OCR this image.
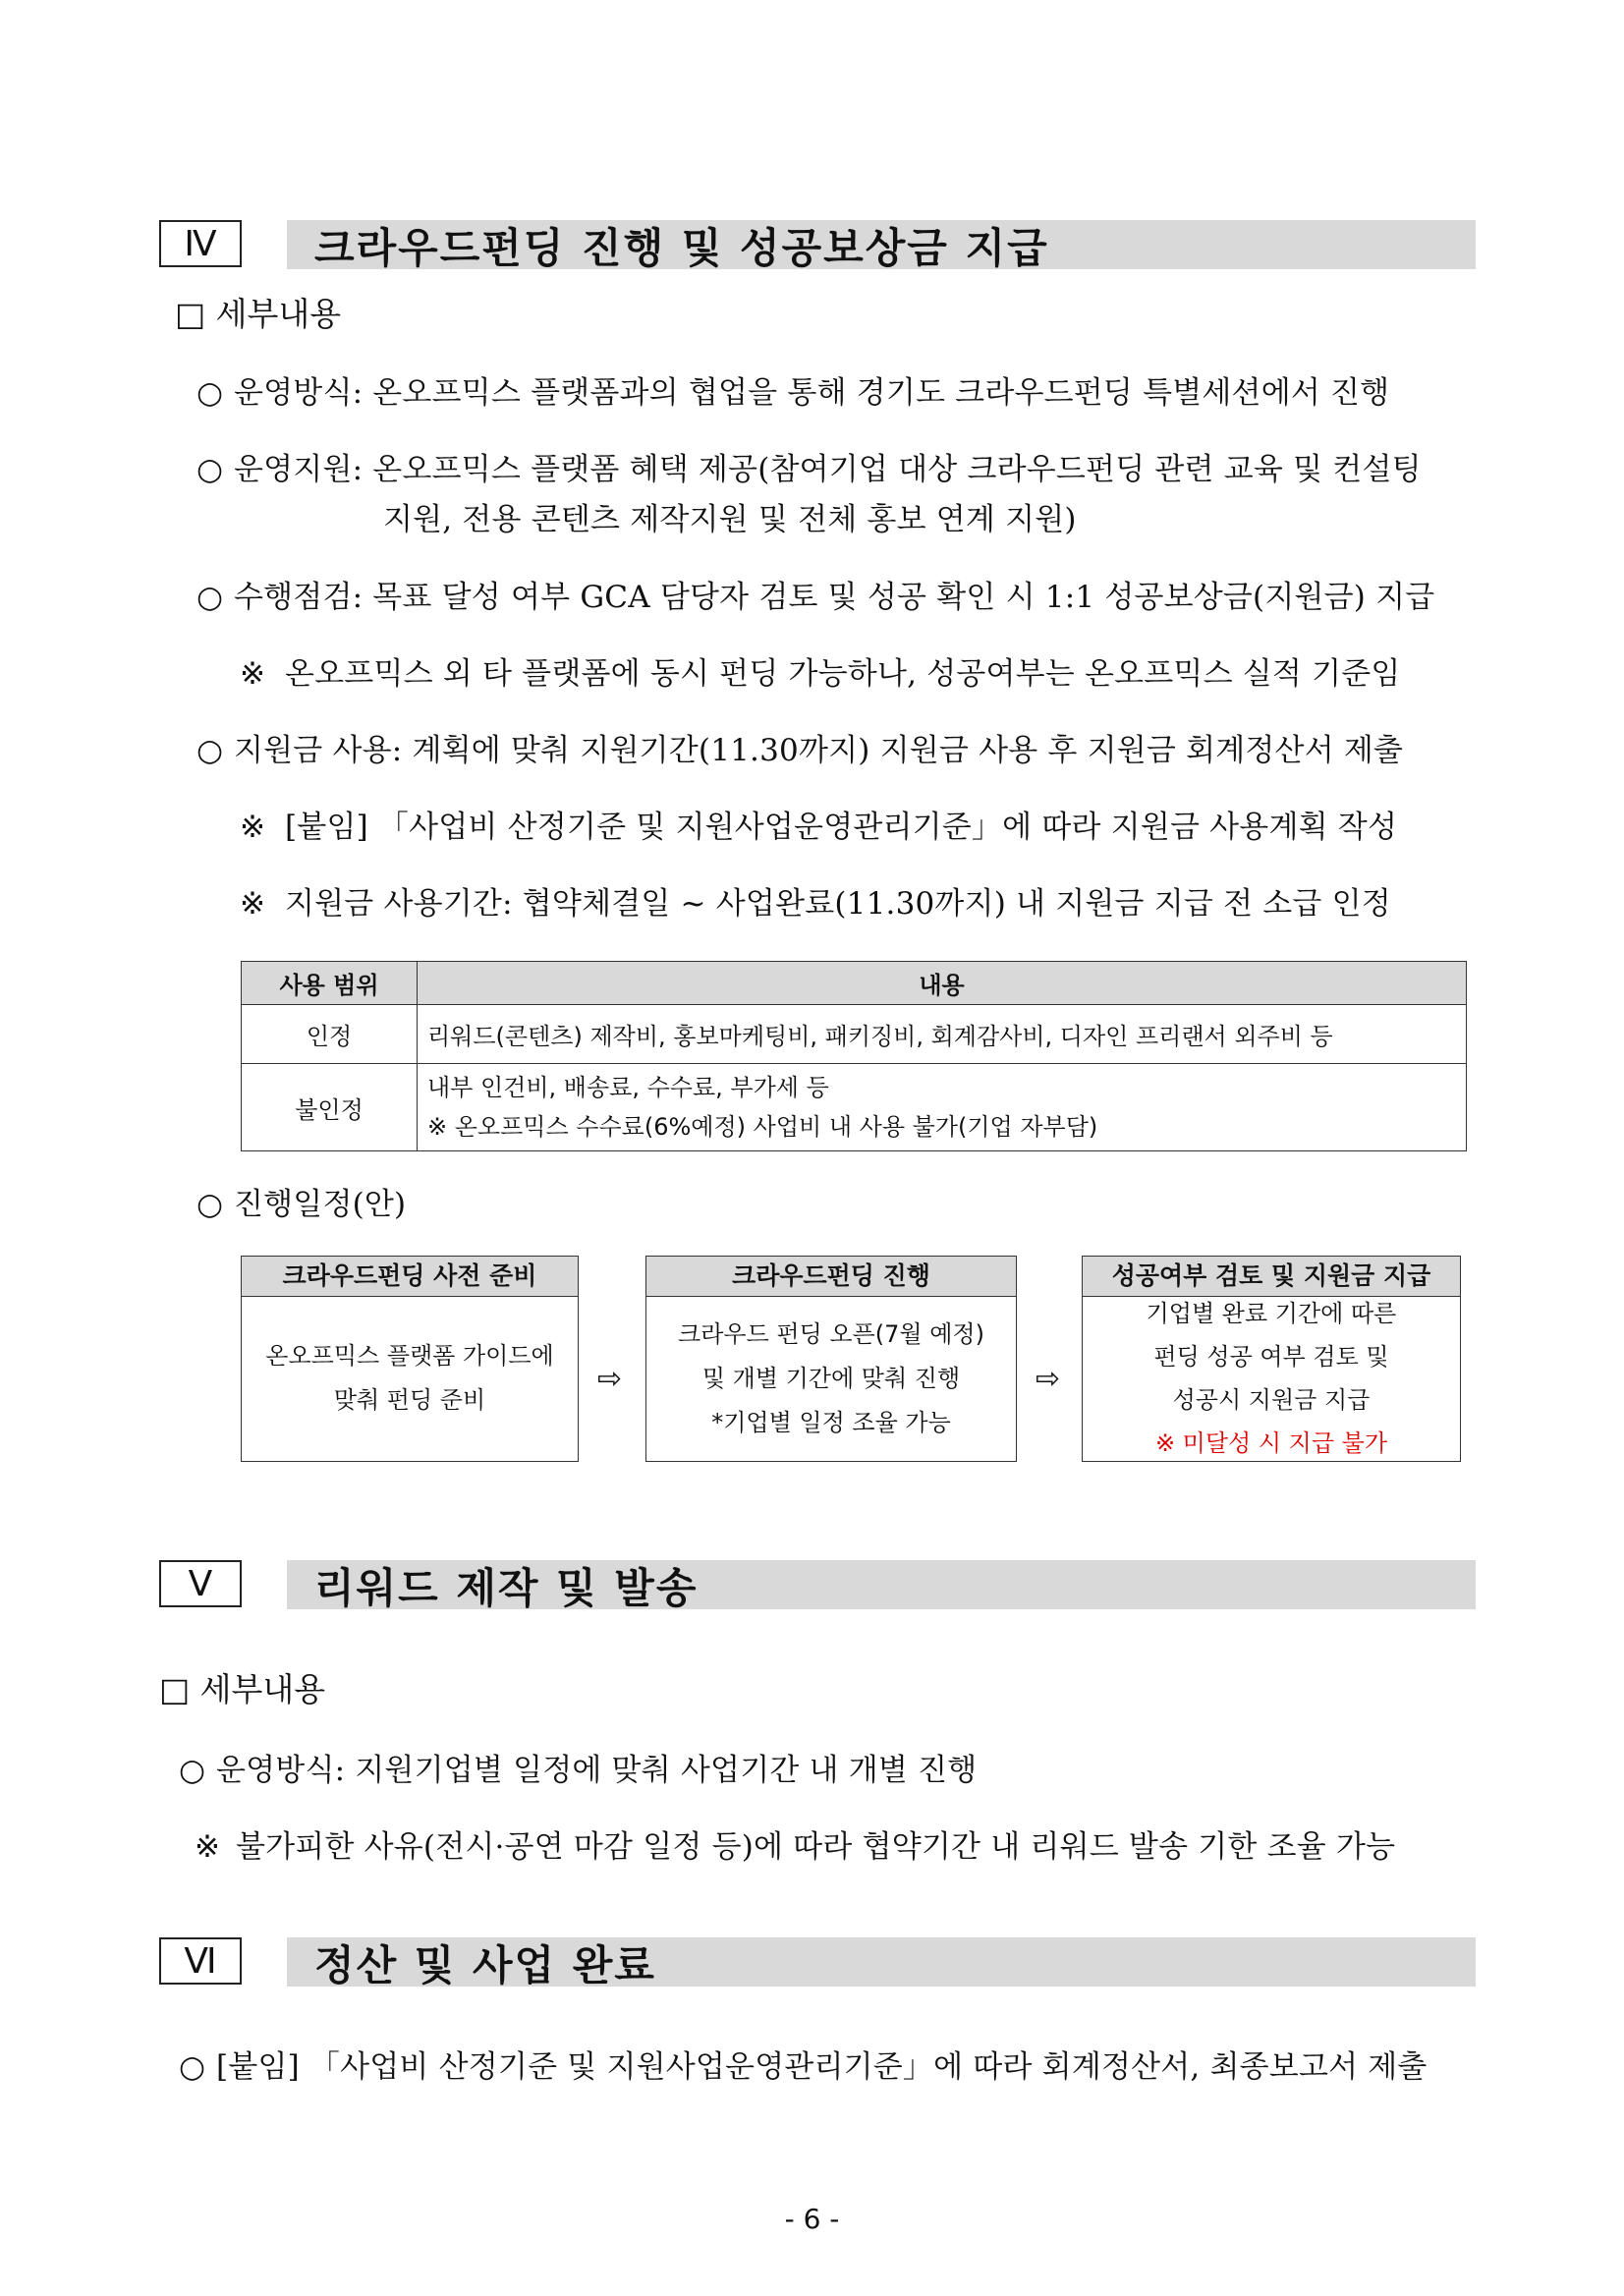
Ⅳ	크라우드펀딩 진행 및 성공보상금 지급
□ 세부내용
○ 운영방식: 온오프믹스 플랫폼과의 협업을 통해 경기도 크라우드펀딩 특별세션에서 진행
○ 운영지원: 온오프믹스 플랫폼 혜택 제공(참여기업 대상 크라우드펀딩 관련 교육 및 컨설팅
지원, 전용 콘텐츠 제작지원 및 전체 홍보 연계 지원)
○ 수행점검: 목표 달성 여부 GCA 담당자 검토 및 성공 확인 시 1:1 성공보상금(지원금) 지급
※ 온오프믹스 외 타 플랫폼에 동시 펀딩 가능하나, 성공여부는 온오프믹스 실적 기준임
○ 지원금 사용: 계획에 맞춰 지원기간(11.30까지) 지원금 사용 후 지원금 회계정산서 제출
※ [붙임] 「사업비 산정기준 및 지원사업운영관리기준」에 따라 지원금 사용계획 작성
※ 지원금 사용기간: 협약체결일 ~ 사업완료(11.30까지) 내 지원금 지급 전 소급 인정
사용 범위	내용
인정	리워드(콘텐츠) 제작비, 홍보마케팅비, 패키징비, 회계감사비, 디자인 프리랜서 외주비 등
불인정	내부 인건비, 배송료, 수수료, 부가세 등
※ 온오프믹스 수수료(6%예정) 사업비 내 사용 불가(기업 자부담)
○ 진행일정(안)
크라우드펀딩 사전 준비
온오프믹스 플랫폼 가이드에
맞춰 펀딩 준비
⇨
크라우드펀딩 진행
크라우드 펀딩 오픈(7월 예정)
및 개별 기간에 맞춰 진행
*기업별 일정 조율 가능
⇨
성공여부 검토 및 지원금 지급
기업별 완료 기간에 따른
펀딩 성공 여부 검토 및
성공시 지원금 지급
※ 미달성 시 지급 불가
Ⅴ	리워드 제작 및 발송
□ 세부내용
○ 운영방식: 지원기업별 일정에 맞춰 사업기간 내 개별 진행
※ 불가피한 사유(전시·공연 마감 일정 등)에 따라 협약기간 내 리워드 발송 기한 조율 가능
Ⅵ	정산 및 사업 완료
○ [붙임] 「사업비 산정기준 및 지원사업운영관리기준」에 따라 회계정산서, 최종보고서 제출
- 6 -
